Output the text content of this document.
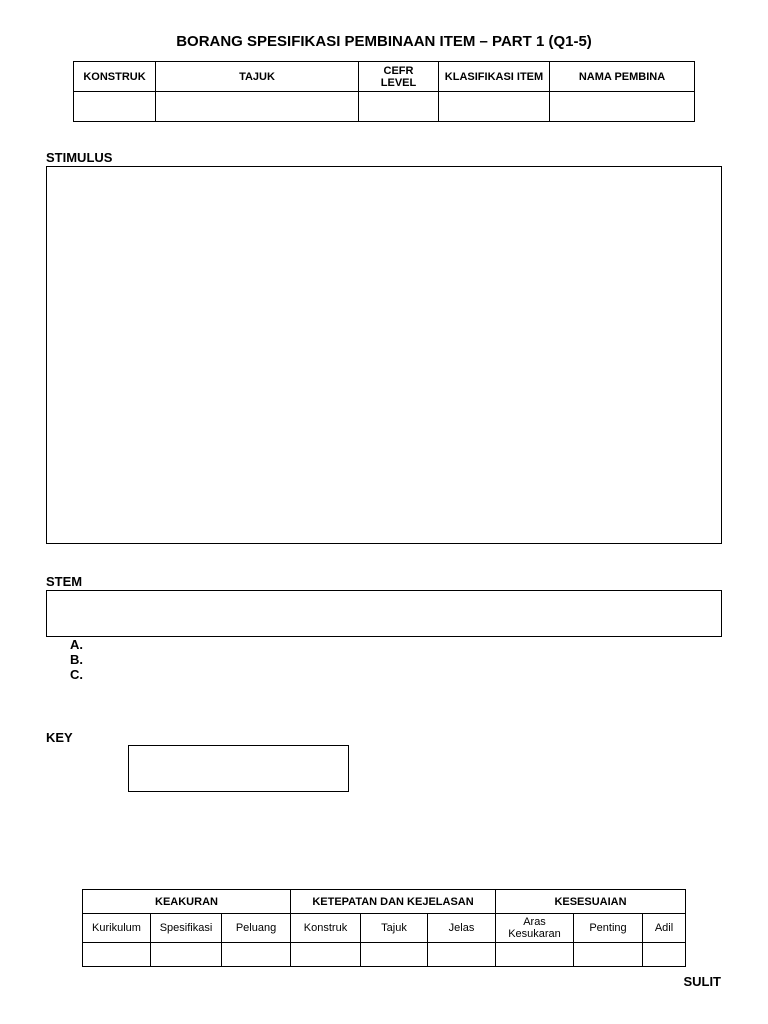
BORANG SPESIFIKASI PEMBINAAN ITEM – PART 1 (Q1-5)
KONSTRUK	TAJUK	CEFR LEVEL	KLASIFIKASI ITEM	NAMA PEMBINA

STIMULUS
STEM
A.
B.
C.
KEY
KEAKURAN			KETEPATAN DAN KEJELASAN			KESESUAIAN		
Kurikulum	Spesifikasi	Peluang	Konstruk	Tajuk	Jelas	Aras Kesukaran	Penting	Adil

SULIT
